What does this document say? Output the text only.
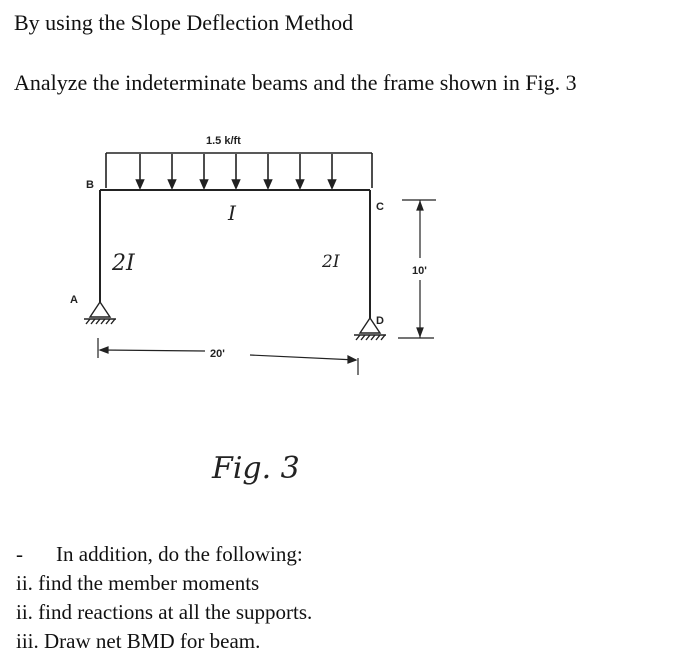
By using the Slope Deflection Method
Analyze the indeterminate beams and the frame shown in Fig. 3
1.5 k/ft
B
C
A
D
I
2I	2I
20'
10'
Fig. 3
- In addition, do the following:
ii. find the member moments
ii. find reactions at all the supports.
iii. Draw net BMD for beam.
